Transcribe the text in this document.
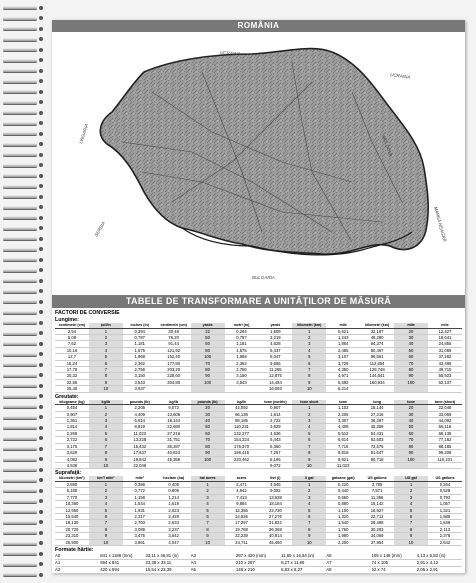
ROMÂNIA
UCRAINA
UCRAINA
MOLDOVA
UNGARIA
SERBIA
BULGARIA
MAREA NEAGRĂ
TABELE DE TRANSFORMARE A UNITĂŢILOR DE MĂSURĂ
FACTORI DE CONVERSIE
Lungime:
centimetri (cm)	ţoli/in	inches (in)	centimetri (cm)	yards	metri (m)	yards	kilometri (km)	mile	kilometri (km)	mile	mile
2,54	1	0,394	30,48	22	0,264	1,609	1	0,621	32,187	20	12,427
5,08	2	0,787	76,20	50	0,787	3,219	2	1,243	48,280	30	18,641
7,62	3	1,181	91,44	60	1,181	4,828	3	1,864	64,374	40	24,855
10,16	4	1,575	121,92	80	1,575	6,437	4	2,485	80,467	50	31,069
12,7	5	1,968	152,40	100	1,968	8,047	5	3,107	96,561	60	37,282
15,24	6	2,362	177,80	70	2,362	9,656	6	3,728	112,654	70	43,496
17,78	7	2,756	203,20	80	2,756	11,265	7	4,350	128,748	80	49,710
20,32	8	3,150	228,60	90	3,150	12,875	8	4,971	144,841	90	55,923
22,86	9	3,543	304,80	100	3,543	14,484	9	5,592	160,934	100	62,137
25,40	10	3,937				16,093	10	6,214			
Greutate:
kilograme (kg)	kg/lb	pounds (lb)	kg/lb	pounds (lb)	kg/lb	tone (metric)	tone short	tone	long	tone	tone (short)
0,454	1	2,205	9,072	20	44,092	0,907	1	1,102	18,144	20	22,046
0,907	2	4,409	13,608	30	66,139	1,814	2	2,205	27,216	30	33,069
1,361	3	6,614	18,144	40	88,185	2,722	3	3,307	36,287	40	44,092
1,814	4	8,819	22,680	50	110,231	3,629	4	4,409	45,359	50	55,116
2,268	5	11,023	27,216	60	132,277	4,536	5	5,512	54,431	60	66,139
2,722	6	13,228	31,751	70	154,324	5,443	6	6,614	63,503	70	77,162
3,175	7	15,432	36,287	80	176,370	6,350	7	7,716	72,575	80	88,185
3,629	8	17,637	40,823	90	198,416	7,257	8	8,818	81,647	90	99,208
4,082	9	19,842	45,359	100	220,462	8,165	9	9,921	90,718	100	110,231
4,536	10	22,046				9,072	10	11,023			
Suprafaţă:
kilometri (km²)	km²/ mile²	mile²	hectare (ha)	ha/ acres	acres	litri (l)	l/ gal	galoane (gal)	US gallons	US gal	US gallons
2,590	1	0,386	0,405	1	2,471	4,546	1	0,220	3,785	1	0,264
5,180	2	0,772	0,809	2	4,942	9,092	2	0,440	7,571	2	0,528
7,770	3	1,158	1,214	3	7,413	13,638	3	0,660	11,356	3	0,793
10,360	4	1,544	1,619	4	9,884	18,184	4	0,880	15,142	4	1,057
12,950	5	1,931	2,023	5	12,355	22,730	5	1,100	18,927	5	1,321
15,540	6	2,317	2,428	6	14,826	27,276	6	1,320	22,712	6	1,585
18,130	7	2,703	2,833	7	17,297	31,822	7	1,540	26,498	7	1,849
20,720	8	3,089	3,237	8	19,768	36,368	8	1,760	30,283	8	2,113
23,310	9	3,475	3,642	9	22,239	40,914	9	1,980	34,069	9	2,378
25,900	10	3,861	4,047	10	24,711	45,460	10	2,200	37,854	10	2,642
Formate hârtie:
A0	841 x 1189 (mm)	33,11 x 46,81 (in)	A3	297 x 420 (mm)	11,69 x 16,54 (in)	A6	105 x 148 (mm)	4,13 x 5,83 (in)
A1	594 x 841	23,39 x 33,11	A4	210 x 297	8,27 x 11,69	A7	74 x 105	2,91 x 4,13
A2	420 x 594	16,54 x 23,39	A5	148 x 210	5,83 x 8,27	A8	52 x 74	2,05 x 2,91
